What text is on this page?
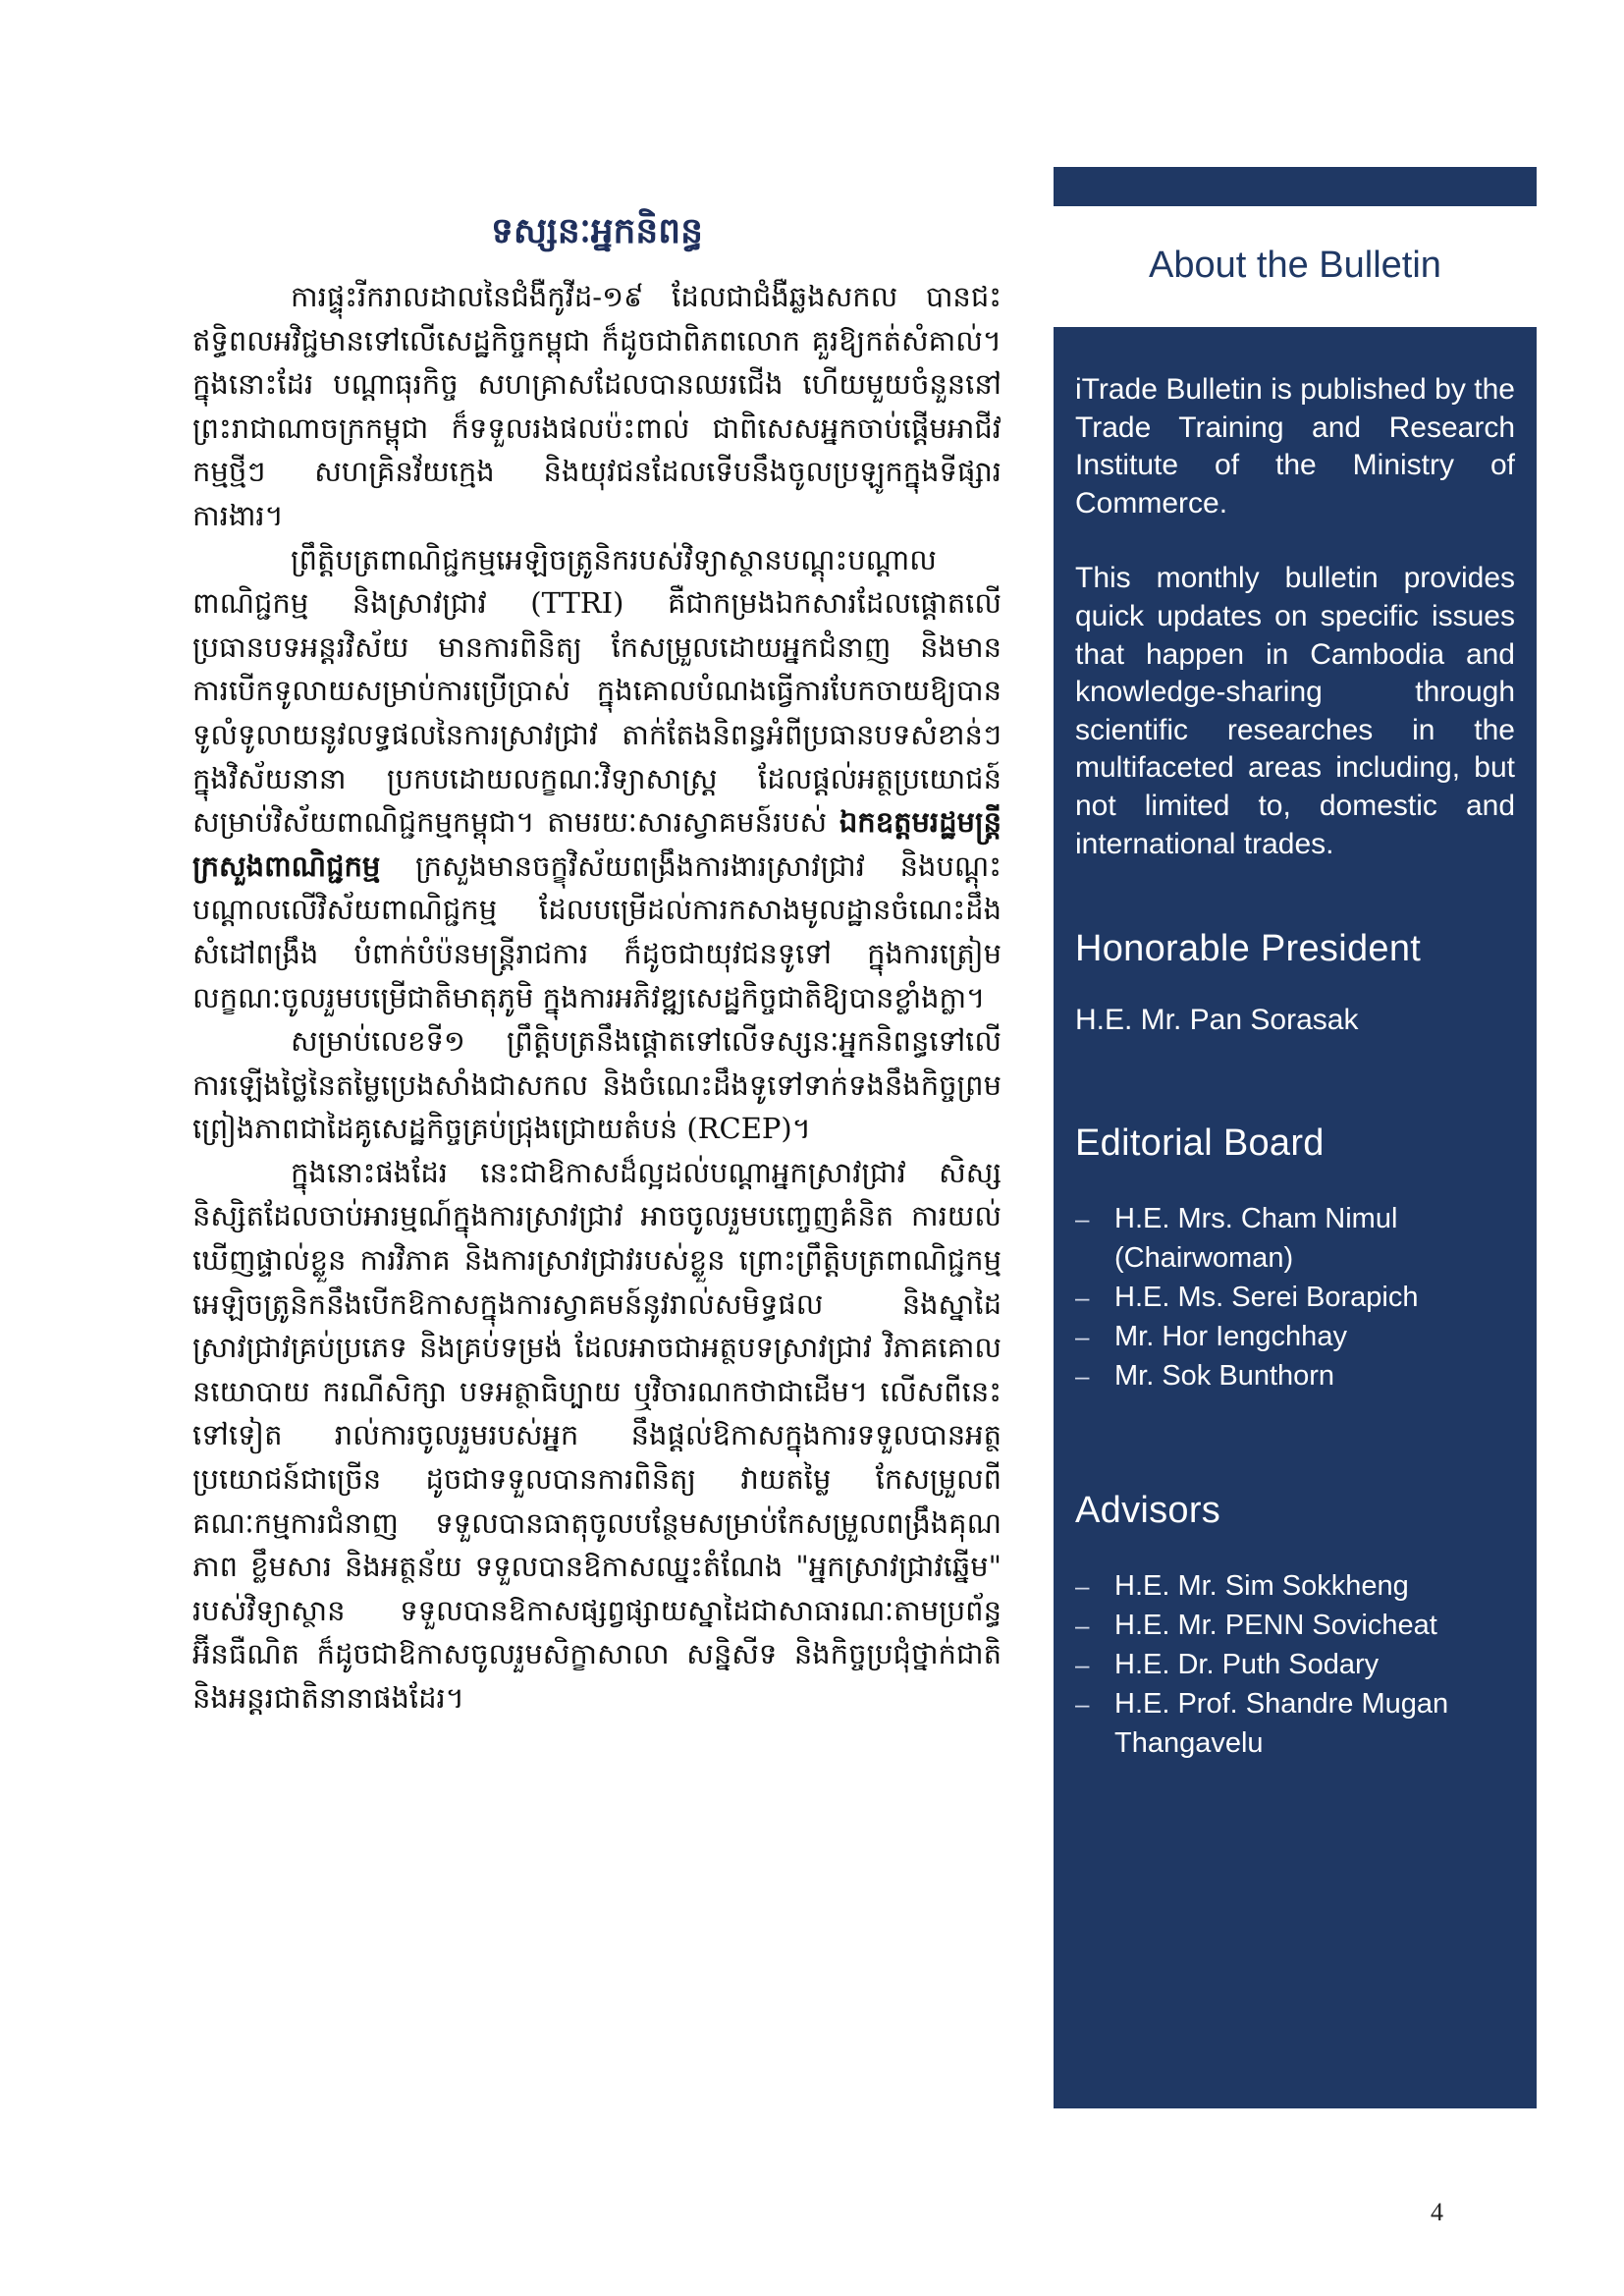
ទស្សនៈអ្នកនិពន្ធ

ការផ្ទុះរីករាលដាលនៃជំងឺកូវីដ-១៩ ដែលជាជំងឺឆ្លងសកល បានជះឥទ្ធិពលអវិជ្ជមានទៅលើសេដ្ឋកិច្ចកម្ពុជា ក៏ដូចជាពិភពលោក គួរឱ្យកត់សំគាល់។ ក្នុងនោះដែរ បណ្តាធុរកិច្ច សហគ្រាសដែលបានឈរជើង ហើយមួយចំនួននៅព្រះរាជាណាចក្រកម្ពុជា ក៏ទទួលរងផលប៉ះពាល់ ជាពិសេសអ្នកចាប់ផ្តើមអាជីវកម្មថ្មីៗ សហគ្រិនវ័យក្មេង និងយុវជនដែលទើបនឹងចូលប្រឡូកក្នុងទីផ្សារការងារ។

ព្រឹត្តិបត្រពាណិជ្ជកម្មអេឡិចត្រូនិករបស់វិទ្យាស្ថានបណ្តុះបណ្តាលពាណិជ្ជកម្ម និងស្រាវជ្រាវ (TTRI) គឺជាកម្រងឯកសារដែលផ្តោតលើប្រធានបទអន្តរវិស័យ មានការពិនិត្យ កែសម្រួលដោយអ្នកជំនាញ និងមានការបើកទូលាយសម្រាប់ការប្រើប្រាស់ ក្នុងគោលបំណងធ្វើការបែកចាយឱ្យបានទូលំទូលាយនូវលទ្ធផលនៃការស្រាវជ្រាវ តាក់តែងនិពន្ធអំពីប្រធានបទសំខាន់ៗក្នុងវិស័យនានា ប្រកបដោយលក្ខណៈវិទ្យាសាស្ត្រ ដែលផ្តល់អត្ថប្រយោជន៍ សម្រាប់វិស័យពាណិជ្ជកម្មកម្ពុជា។ តាមរយៈសារស្វាគមន៍របស់ ឯកឧត្តមរដ្ឋមន្ត្រីក្រសួងពាណិជ្ជកម្ម ក្រសួងមានចក្ខុវិស័យពង្រឹងការងារស្រាវជ្រាវ និងបណ្តុះបណ្តាលលើវិស័យពាណិជ្ជកម្ម ដែលបម្រើដល់ការកសាងមូលដ្ឋានចំណេះដឹង សំដៅពង្រឹង បំពាក់បំប៉នមន្ត្រីរាជការ ក៏ដូចជាយុវជនទូទៅ ក្នុងការត្រៀមលក្ខណៈចូលរួមបម្រើជាតិមាតុភូមិ ក្នុងការអភិវឌ្ឍសេដ្ឋកិច្ចជាតិឱ្យបានខ្លាំងក្លា។

សម្រាប់លេខទី១ ព្រឹត្តិបត្រនឹងផ្តោតទៅលើទស្សនៈអ្នកនិពន្ធទៅលើការឡើងថ្លៃនៃតម្លៃប្រេងសាំងជាសកល និងចំណេះដឹងទូទៅទាក់ទងនឹងកិច្ចព្រមព្រៀងភាពជាដៃគូសេដ្ឋកិច្ចគ្រប់ជ្រុងជ្រោយតំបន់ (RCEP)។

ក្នុងនោះផងដែរ នេះជាឱកាសដ៏ល្អដល់បណ្តាអ្នកស្រាវជ្រាវ សិស្សនិស្សិតដែលចាប់អារម្មណ៍ក្នុងការស្រាវជ្រាវ អាចចូលរួមបញ្ចេញគំនិត ការយល់ឃើញផ្ទាល់ខ្លួន ការវិភាគ និងការស្រាវជ្រាវរបស់ខ្លួន ព្រោះព្រឹត្តិបត្រពាណិជ្ជកម្មអេឡិចត្រូនិកនឹងបើកឱកាសក្នុងការស្វាគមន៍នូវរាល់សមិទ្ធផល និងស្នាដៃស្រាវជ្រាវគ្រប់ប្រភេទ និងគ្រប់ទម្រង់ ដែលអាចជាអត្ថបទស្រាវជ្រាវ វិភាគគោលនយោបាយ ករណីសិក្សា បទអត្ថាធិប្បាយ ឬវិចារណកថាជាដើម។ លើសពីនេះទៅទៀត រាល់ការចូលរួមរបស់អ្នក នឹងផ្តល់ឱកាសក្នុងការទទួលបានអត្ថប្រយោជន៍ជាច្រើន ដូចជាទទួលបានការពិនិត្យ វាយតម្លៃ កែសម្រួលពីគណៈកម្មការជំនាញ ទទួលបានធាតុចូលបន្ថែមសម្រាប់កែសម្រួលពង្រឹងគុណភាព ខ្លឹមសារ និងអត្ថន័យ ទទួលបានឱកាសឈ្នះតំណែង "អ្នកស្រាវជ្រាវឆ្នើម" របស់វិទ្យាស្ថាន ទទួលបានឱកាសផ្សព្វផ្សាយស្នាដៃជាសាធារណៈតាមប្រព័ន្ធអ៊ីនធឺណិត ក៏ដូចជាឱកាសចូលរួមសិក្ខាសាលា សន្និសីទ និងកិច្ចប្រជុំថ្នាក់ជាតិ និងអន្តរជាតិនានាផងដែរ។

About the Bulletin

iTrade Bulletin is published by the Trade Training and Research Institute of the Ministry of Commerce.

This monthly bulletin provides quick updates on specific issues that happen in Cambodia and knowledge-sharing through scientific researches in the multifaceted areas including, but not limited to, domestic and international trades.

Honorable President

H.E. Mr. Pan Sorasak

Editorial Board
– H.E. Mrs. Cham Nimul (Chairwoman)
– H.E. Ms. Serei Borapich
– Mr. Hor Iengchhay
– Mr. Sok Bunthorn
Advisors
– H.E. Mr. Sim Sokkheng
– H.E. Mr. PENN Sovicheat
– H.E. Dr. Puth Sodary
– H.E. Prof. Shandre Mugan Thangavelu
4
